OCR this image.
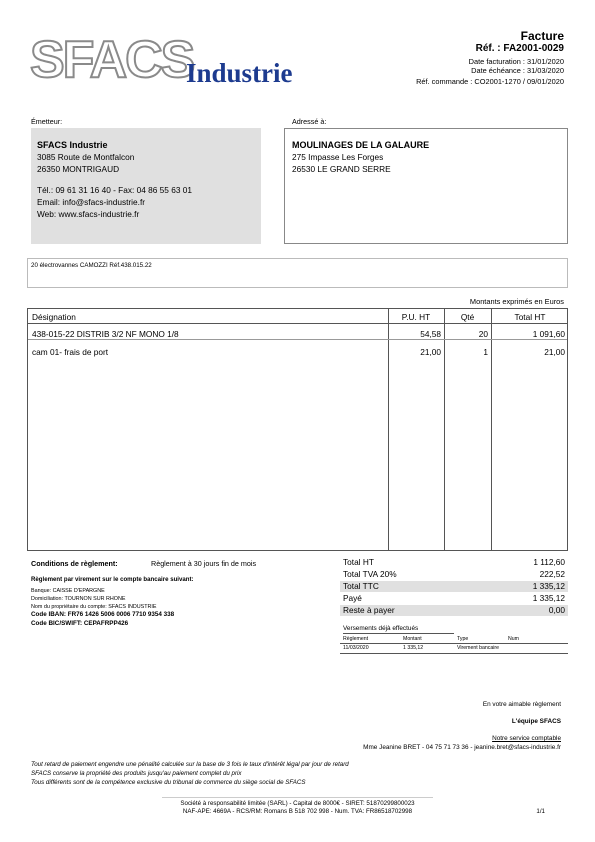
SFACS
Industrie
Facture
Réf. : FA2001-0029
Date facturation : 31/01/2020
Date échéance : 31/03/2020
Réf. commande : CO2001-1270 / 09/01/2020
Émetteur:
SFACS Industrie
3085 Route de Montfalcon
26350 MONTRIGAUD
Tél.: 09 61 31 16 40 - Fax: 04 86 55 63 01
Email: info@sfacs-industrie.fr
Web: www.sfacs-industrie.fr
Adressé à:
MOULINAGES DE LA GALAURE
275 Impasse Les Forges
26530 LE GRAND SERRE
20 électrovannes CAMOZZI Réf.438.015.22
Montants exprimés en Euros
Désignation	P.U. HT	Qté	Total HT
438-015-22 DISTRIB 3/2 NF MONO 1/8	54,58	20	1 091,60
cam 01- frais de port	21,00	1	21,00
Conditions de règlement:	Règlement à 30 jours fin de mois
Règlement par virement sur le compte bancaire suivant:
Banque: CAISSE D'EPARGNE
Domiciliation: TOURNON SUR RHONE
Nom du propriétaire du compte: SFACS INDUSTRIE
Code IBAN: FR76 1426 5006 0006 7710 9354 338
Code BIC/SWIFT: CEPAFRPP426
Total HT	1 112,60
Total TVA 20%	222,52
Total TTC	1 335,12
Payé	1 335,12
Reste à payer	0,00
Versements déjà effectués
Règlement	Montant	Type	Num
11/03/2020	1 335,12	Virement bancaire
En votre aimable règlement
L'équipe SFACS
Notre service comptable
Mme Jeanine BRET - 04 75 71 73 36 - jeanine.bret@sfacs-industrie.fr
Tout retard de paiement engendre une pénalité calculée sur la base de 3 fois le taux d'intérêt légal par jour de retard
SFACS conserve la propriété des produits jusqu'au paiement complet du prix
Tous différents sont de la compétence exclusive du tribunal de commerce du siège social de SFACS
Société à responsabilité limitée (SARL) - Capital de 8000€ - SIRET: 51870299800023
NAF-APE: 4669A - RCS/RM: Romans B 518 702 998 - Num. TVA: FR86518702998	1/1
